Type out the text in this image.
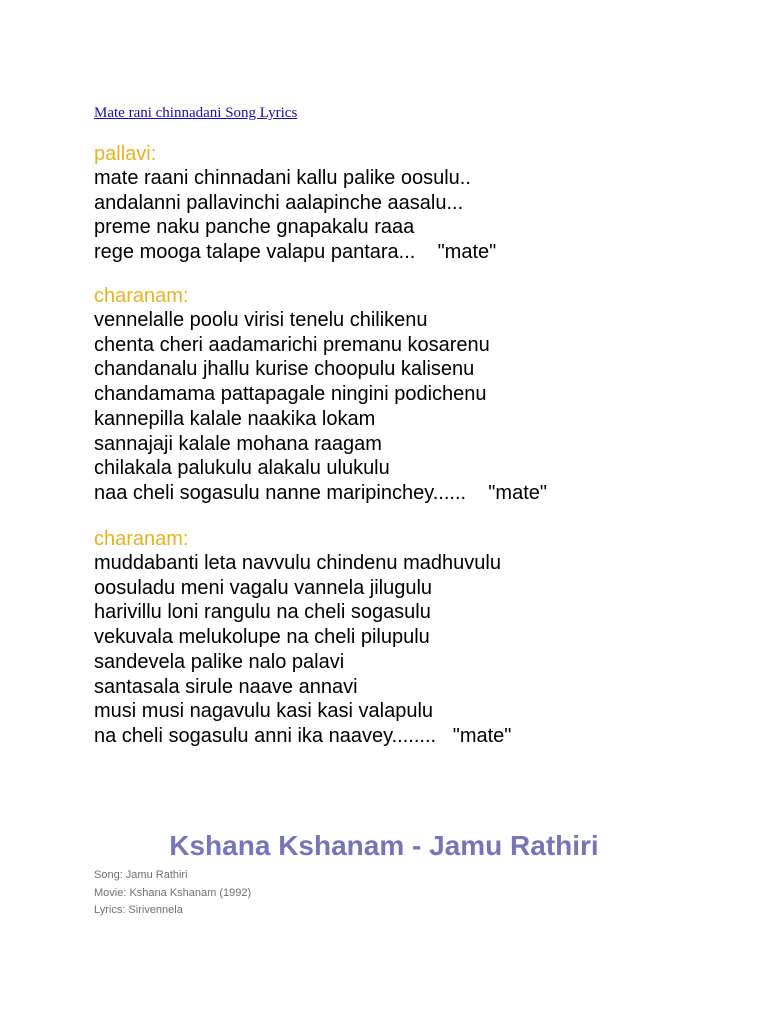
Mate rani chinnadani Song Lyrics
pallavi:
mate raani chinnadani kallu palike oosulu..
andalanni pallavinchi aalapinche aasalu...
preme naku panche gnapakalu raaa
rege mooga talape valapu pantara...    "mate"
charanam:
vennelalle poolu virisi tenelu chilikenu
chenta cheri aadamarichi premanu kosarenu
chandanalu jhallu kurise choopulu kalisenu
chandamama pattapagale ningini podichenu
kannepilla kalale naakika lokam
sannajaji kalale mohana raagam
chilakala palukulu alakalu ulukulu
naa cheli sogasulu nanne maripinchey......    "mate"
charanam:
muddabanti leta navvulu chindenu madhuvulu
oosuladu meni vagalu vannela jilugulu
harivillu loni rangulu na cheli sogasulu
vekuvala melukolupe na cheli pilupulu
sandevela palike nalo palavi
santasala sirule naave annavi
musi musi nagavulu kasi kasi valapulu
na cheli sogasulu anni ika naavey........   "mate"
Kshana Kshanam - Jamu Rathiri
Song: Jamu Rathiri
Movie: Kshana Kshanam (1992)
Lyrics: Sirivennela
